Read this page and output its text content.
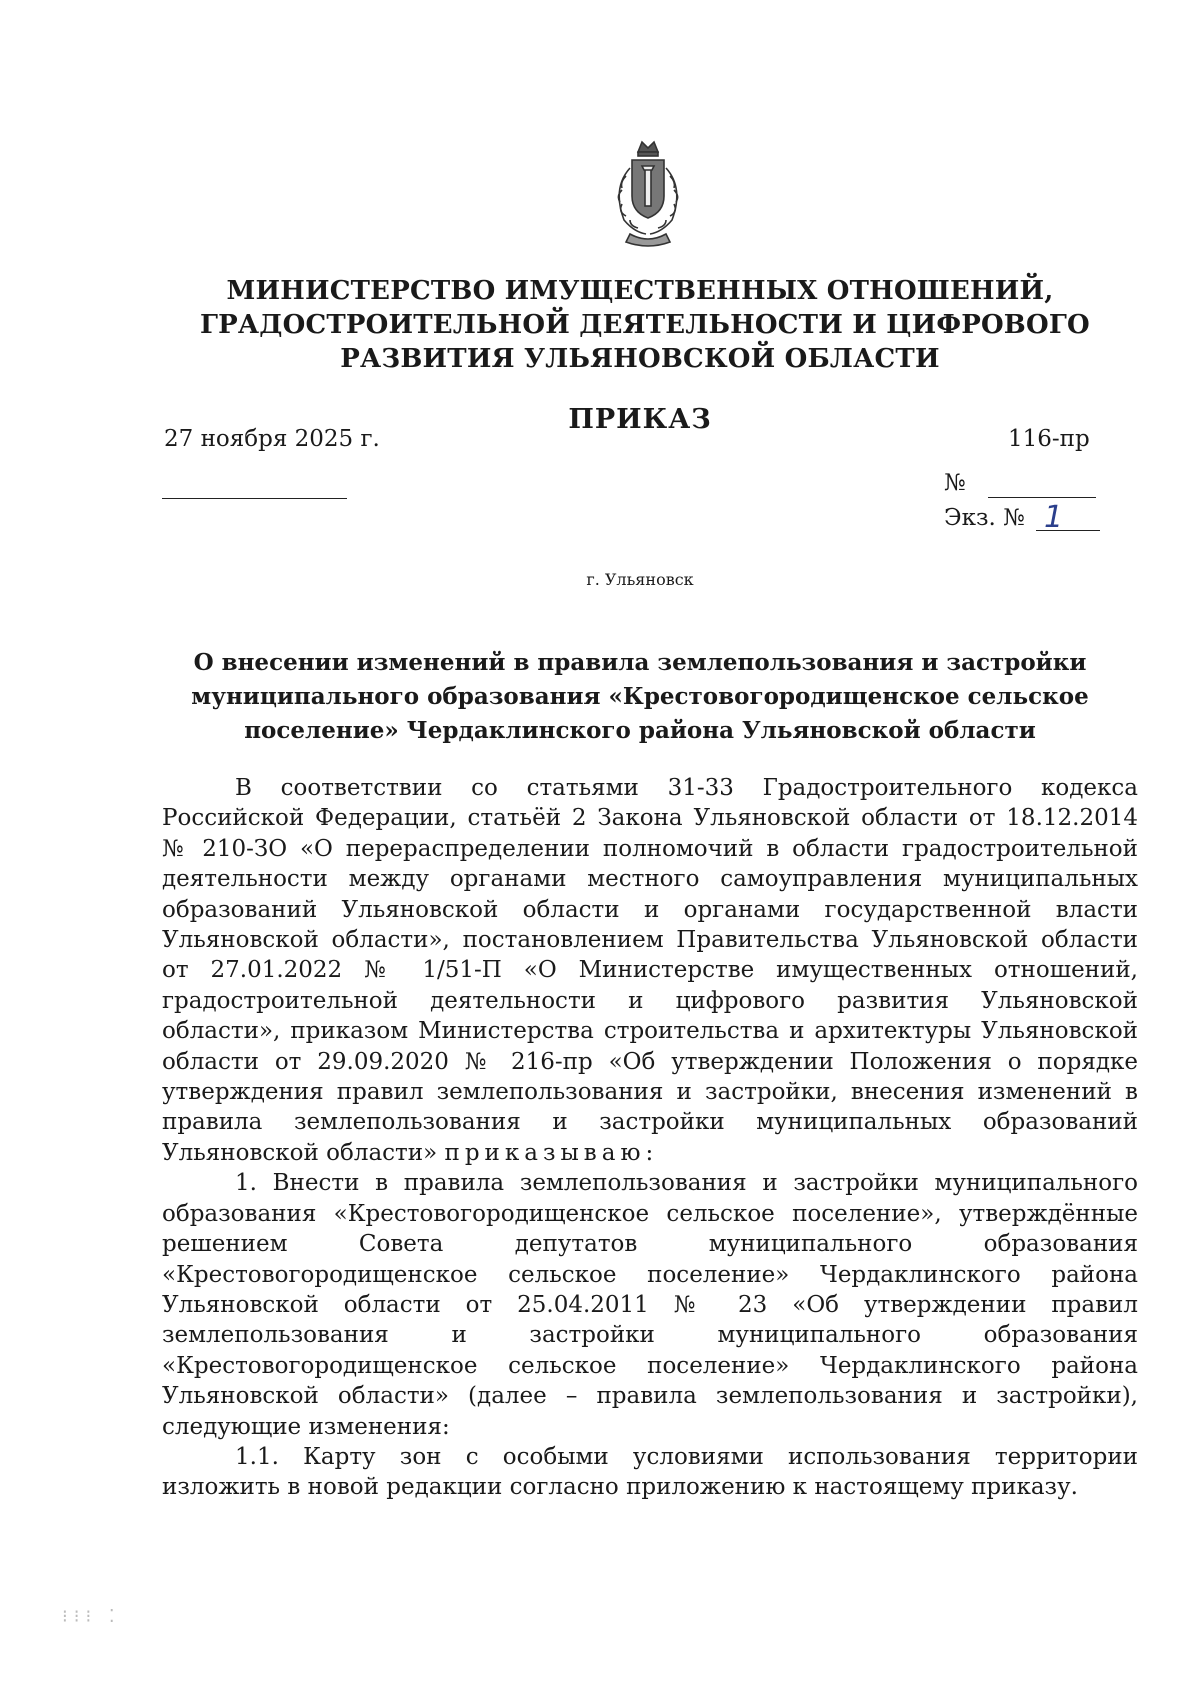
МИНИСТЕРСТВО ИМУЩЕСТВЕННЫХ ОТНОШЕНИЙ,
ГРАДОСТРОИТЕЛЬНОЙ ДЕЯТЕЛЬНОСТИ И ЦИФРОВОГО
РАЗВИТИЯ УЛЬЯНОВСКОЙ ОБЛАСТИ
ПРИКАЗ
27 ноября 2025 г.	116-пр
№
Экз. № 1
г. Ульяновск
О внесении изменений в правила землепользования и застройки
муниципального образования «Крестовогородищенское сельское
поселение» Чердаклинского района Ульяновской области

В соответствии со статьями 31-33 Градостроительного кодекса Российской Федерации, статьёй 2 Закона Ульяновской области от 18.12.2014 № 210-ЗО «О перераспределении полномочий в области градостроительной деятельности между органами местного самоуправления муниципальных образований Ульяновской области и органами государственной власти Ульяновской области», постановлением Правительства Ульяновской области от 27.01.2022 № 1/51-П «О Министерстве имущественных отношений, градостроительной деятельности и цифрового развития Ульяновской области», приказом Министерства строительства и архитектуры Ульяновской области от 29.09.2020 № 216-пр «Об утверждении Положения о порядке утверждения правил землепользования и застройки, внесения изменений в правила землепользования и застройки муниципальных образований Ульяновской области» приказываю:

1. Внести в правила землепользования и застройки муниципального образования «Крестовогородищенское сельское поселение», утверждённые решением Совета депутатов муниципального образования «Крестовогородищенское сельское поселение» Чердаклинского района Ульяновской области от 25.04.2011 № 23 «Об утверждении правил землепользования и застройки муниципального образования «Крестовогородищенское сельское поселение» Чердаклинского района Ульяновской области» (далее – правила землепользования и застройки), следующие изменения:

1.1. Карту зон с особыми условиями использования территории изложить в новой редакции согласно приложению к настоящему приказу.

⁝⁝⁝ ⁚
